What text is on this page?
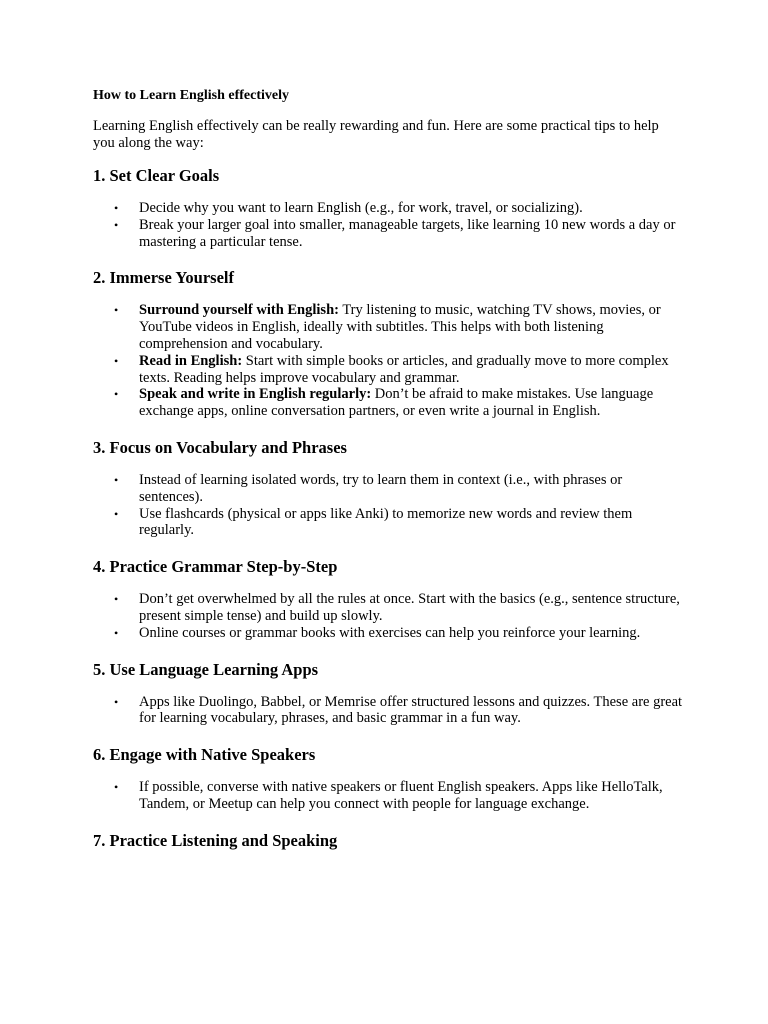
How to Learn English effectively

Learning English effectively can be really rewarding and fun. Here are some practical tips to help you along the way:

1. Set Clear Goals
• Decide why you want to learn English (e.g., for work, travel, or socializing).
• Break your larger goal into smaller, manageable targets, like learning 10 new words a day or mastering a particular tense.
2. Immerse Yourself
• Surround yourself with English: Try listening to music, watching TV shows, movies, or YouTube videos in English, ideally with subtitles. This helps with both listening comprehension and vocabulary.
• Read in English: Start with simple books or articles, and gradually move to more complex texts. Reading helps improve vocabulary and grammar.
• Speak and write in English regularly: Don’t be afraid to make mistakes. Use language exchange apps, online conversation partners, or even write a journal in English.
3. Focus on Vocabulary and Phrases
• Instead of learning isolated words, try to learn them in context (i.e., with phrases or sentences).
• Use flashcards (physical or apps like Anki) to memorize new words and review them regularly.
4. Practice Grammar Step-by-Step
• Don’t get overwhelmed by all the rules at once. Start with the basics (e.g., sentence structure, present simple tense) and build up slowly.
• Online courses or grammar books with exercises can help you reinforce your learning.
5. Use Language Learning Apps
• Apps like Duolingo, Babbel, or Memrise offer structured lessons and quizzes. These are great for learning vocabulary, phrases, and basic grammar in a fun way.
6. Engage with Native Speakers
• If possible, converse with native speakers or fluent English speakers. Apps like HelloTalk, Tandem, or Meetup can help you connect with people for language exchange.
7. Practice Listening and Speaking
